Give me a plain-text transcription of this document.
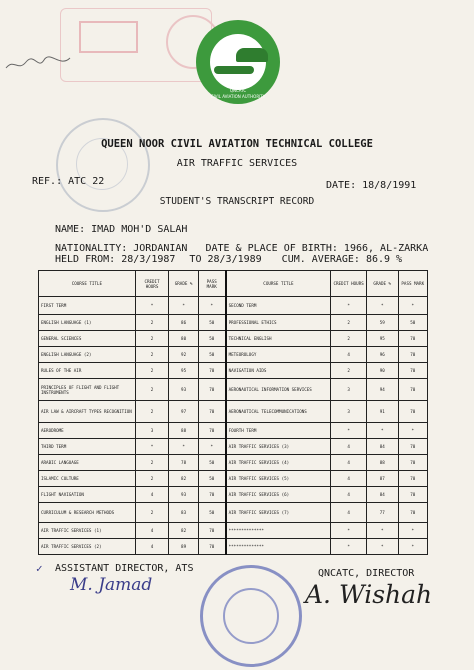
QNCATC
CIVIL AVIATION AUTHORITY
QUEEN NOOR CIVIL AVIATION TECHNICAL COLLEGE
AIR TRAFFIC SERVICES
REF.: ATC 22	DATE: 18/8/1991
STUDENT'S TRANSCRIPT RECORD
NAME: IMAD MOH'D SALAH
NATIONALITY: JORDANIAN DATE & PLACE OF BIRTH: 1966, AL-ZARKA
HELD FROM: 28/3/1987 TO 28/3/1989 CUM. AVERAGE: 86.9 %
COURSE TITLE	CREDIT HOURS	GRADE %	PASS MARK	COURSE TITLE	CREDIT HOURS	GRADE %	PASS MARK
FIRST TERM	*	*	*	SECOND TERM	*	*	*
ENGLISH LANGUAGE (1)	2	86	50	PROFESSIONAL ETHICS	2	59	50
GENERAL SCIENCES	2	80	50	TECHNICAL ENGLISH	2	95	70
ENGLISH LANGUAGE (2)	2	92	50	METEOROLOGY	4	96	70
RULES OF THE AIR	2	95	70	NAVIGATION AIDS	2	90	70
PRINCIPLES OF FLIGHT AND FLIGHT INSTRUMENTS	2	93	70	AERONAUTICAL INFORMATION SERVICES	3	94	70
AIR LAW & AIRCRAFT TYPES RECOGNITION	2	97	70	AERONAUTICAL TELECOMMUNICATIONS	3	91	70
AERODROME	3	88	70	FOURTH TERM	*	*	*
THIRD TERM	*	*	*	AIR TRAFFIC SERVICES (3)	4	84	70
ARABIC LANGUAGE	2	78	50	AIR TRAFFIC SERVICES (4)	4	88	70
ISLAMIC CULTURE	2	82	50	AIR TRAFFIC SERVICES (5)	4	87	70
FLIGHT NAVIGATION	4	93	70	AIR TRAFFIC SERVICES (6)	4	84	70
CURRICULUM & RESEARCH METHODS	2	83	50	AIR TRAFFIC SERVICES (7)	4	77	70
AIR TRAFFIC SERVICES (1)	4	82	70	**************	*	*	*
AIR TRAFFIC SERVICES (2)	4	89	70	**************	*	*	*
✓ ASSISTANT DIRECTOR, ATS
M. Jamad
QNCATC, DIRECTOR
A. Wishah
